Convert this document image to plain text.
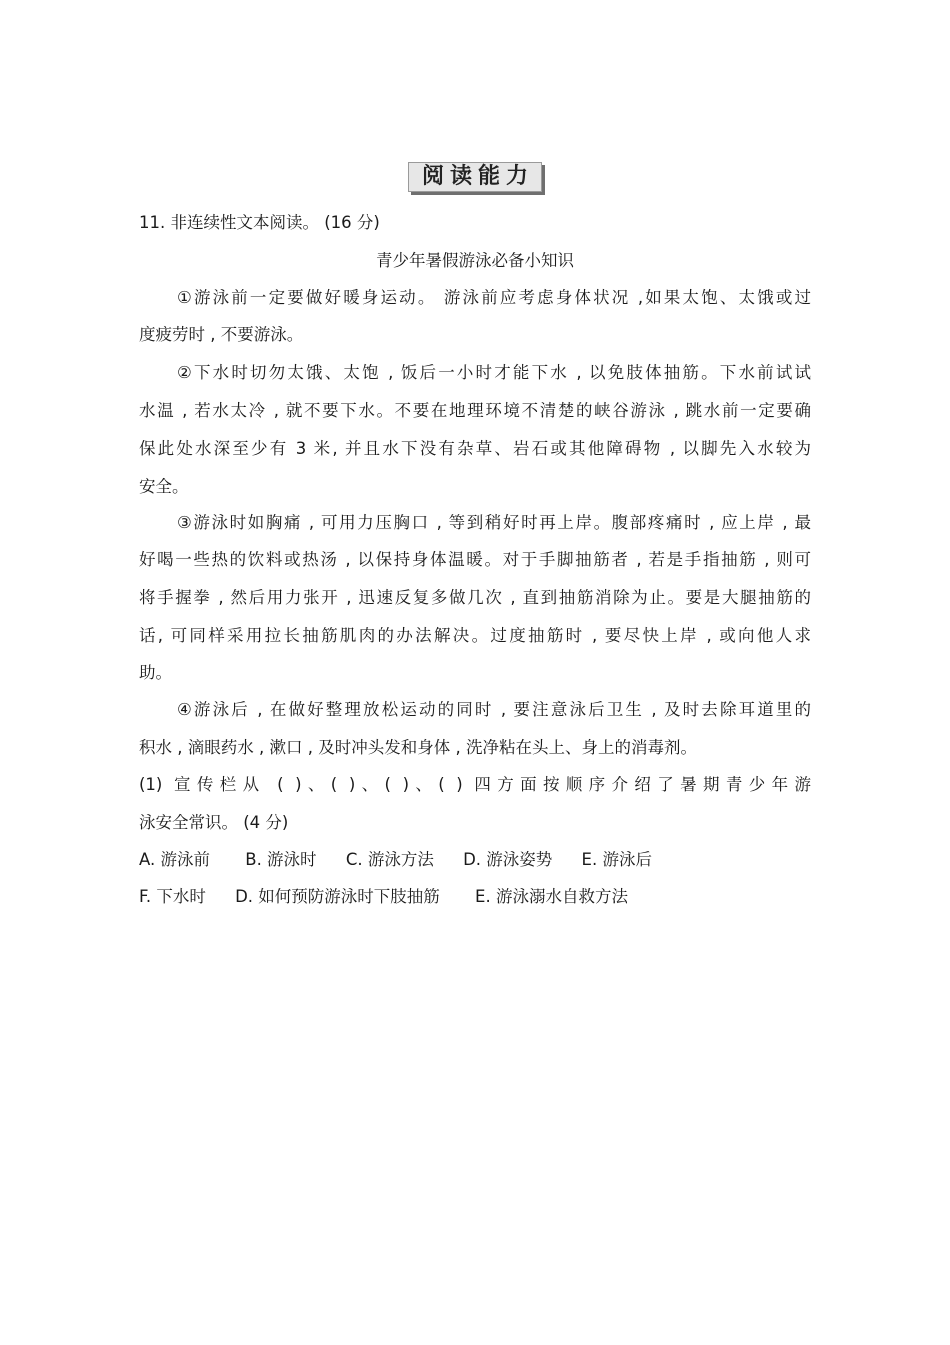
阅读能力
11. 非连续性文本阅读。 (16 分)
青少年暑假游泳必备小知识
①游泳前一定要做好暖身运动。 游泳前应考虑身体状况 ,如果太饱、太饿或过
度疲劳时 , 不要游泳。
②下水时切勿太饿、太饱 , 饭后一小时才能下水 , 以免肢体抽筋。下水前试试
水温 , 若水太冷 , 就不要下水。不要在地理环境不清楚的峡谷游泳 , 跳水前一定要确
保此处水深至少有 3 米, 并且水下没有杂草、岩石或其他障碍物 , 以脚先入水较为
安全。
③游泳时如胸痛 , 可用力压胸口 , 等到稍好时再上岸。腹部疼痛时 , 应上岸 , 最
好喝一些热的饮料或热汤 , 以保持身体温暖。对于手脚抽筋者 , 若是手指抽筋 , 则可
将手握拳 , 然后用力张开 , 迅速反复多做几次 , 直到抽筋消除为止。要是大腿抽筋的
话, 可同样采用拉长抽筋肌肉的办法解决。过度抽筋时 , 要尽快上岸 , 或向他人求
助。
④游泳后 , 在做好整理放松运动的同时 , 要注意泳后卫生 , 及时去除耳道里的
积水 , 滴眼药水 , 漱口 , 及时冲头发和身体 , 洗净粘在头上、身上的消毒剂。
(1) 宣传栏从 ( )、( )、( )、( ) 四方面按顺序介绍了暑期青少年游
泳安全常识。 (4 分)
A. 游泳前 B. 游泳时 C. 游泳方法 D. 游泳姿势 E. 游泳后
F. 下水时 D. 如何预防游泳时下肢抽筋 E. 游泳溺水自救方法
